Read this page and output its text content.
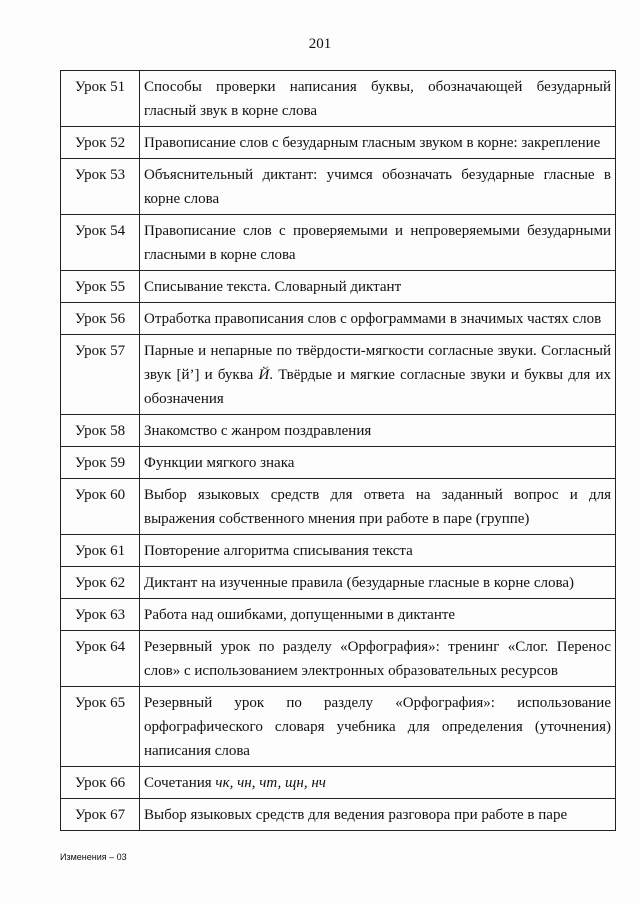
201
Урок 51	Способы проверки написания буквы, обозначающей безударный гласный звук в корне слова
Урок 52	Правописание слов с безударным гласным звуком в корне: закрепление
Урок 53	Объяснительный диктант: учимся обозначать безударные гласные в корне слова
Урок 54	Правописание слов с проверяемыми и непроверяемыми безударными гласными в корне слова
Урок 55	Списывание текста. Словарный диктант
Урок 56	Отработка правописания слов с орфограммами в значимых частях слов
Урок 57	Парные и непарные по твёрдости-мягкости согласные звуки. Согласный звук [й’] и буква Й. Твёрдые и мягкие согласные звуки и буквы для их обозначения
Урок 58	Знакомство с жанром поздравления
Урок 59	Функции мягкого знака
Урок 60	Выбор языковых средств для ответа на заданный вопрос и для выражения собственного мнения при работе в паре (группе)
Урок 61	Повторение алгоритма списывания текста
Урок 62	Диктант на изученные правила (безударные гласные в корне слова)
Урок 63	Работа над ошибками, допущенными в диктанте
Урок 64	Резервный урок по разделу «Орфография»: тренинг «Слог. Перенос слов» с использованием электронных образовательных ресурсов
Урок 65	Резервный урок по разделу «Орфография»: использование орфографического словаря учебника для определения (уточнения) написания слова
Урок 66	Сочетания чк, чн, чт, щн, нч
Урок 67	Выбор языковых средств для ведения разговора при работе в паре
Изменения – 03
